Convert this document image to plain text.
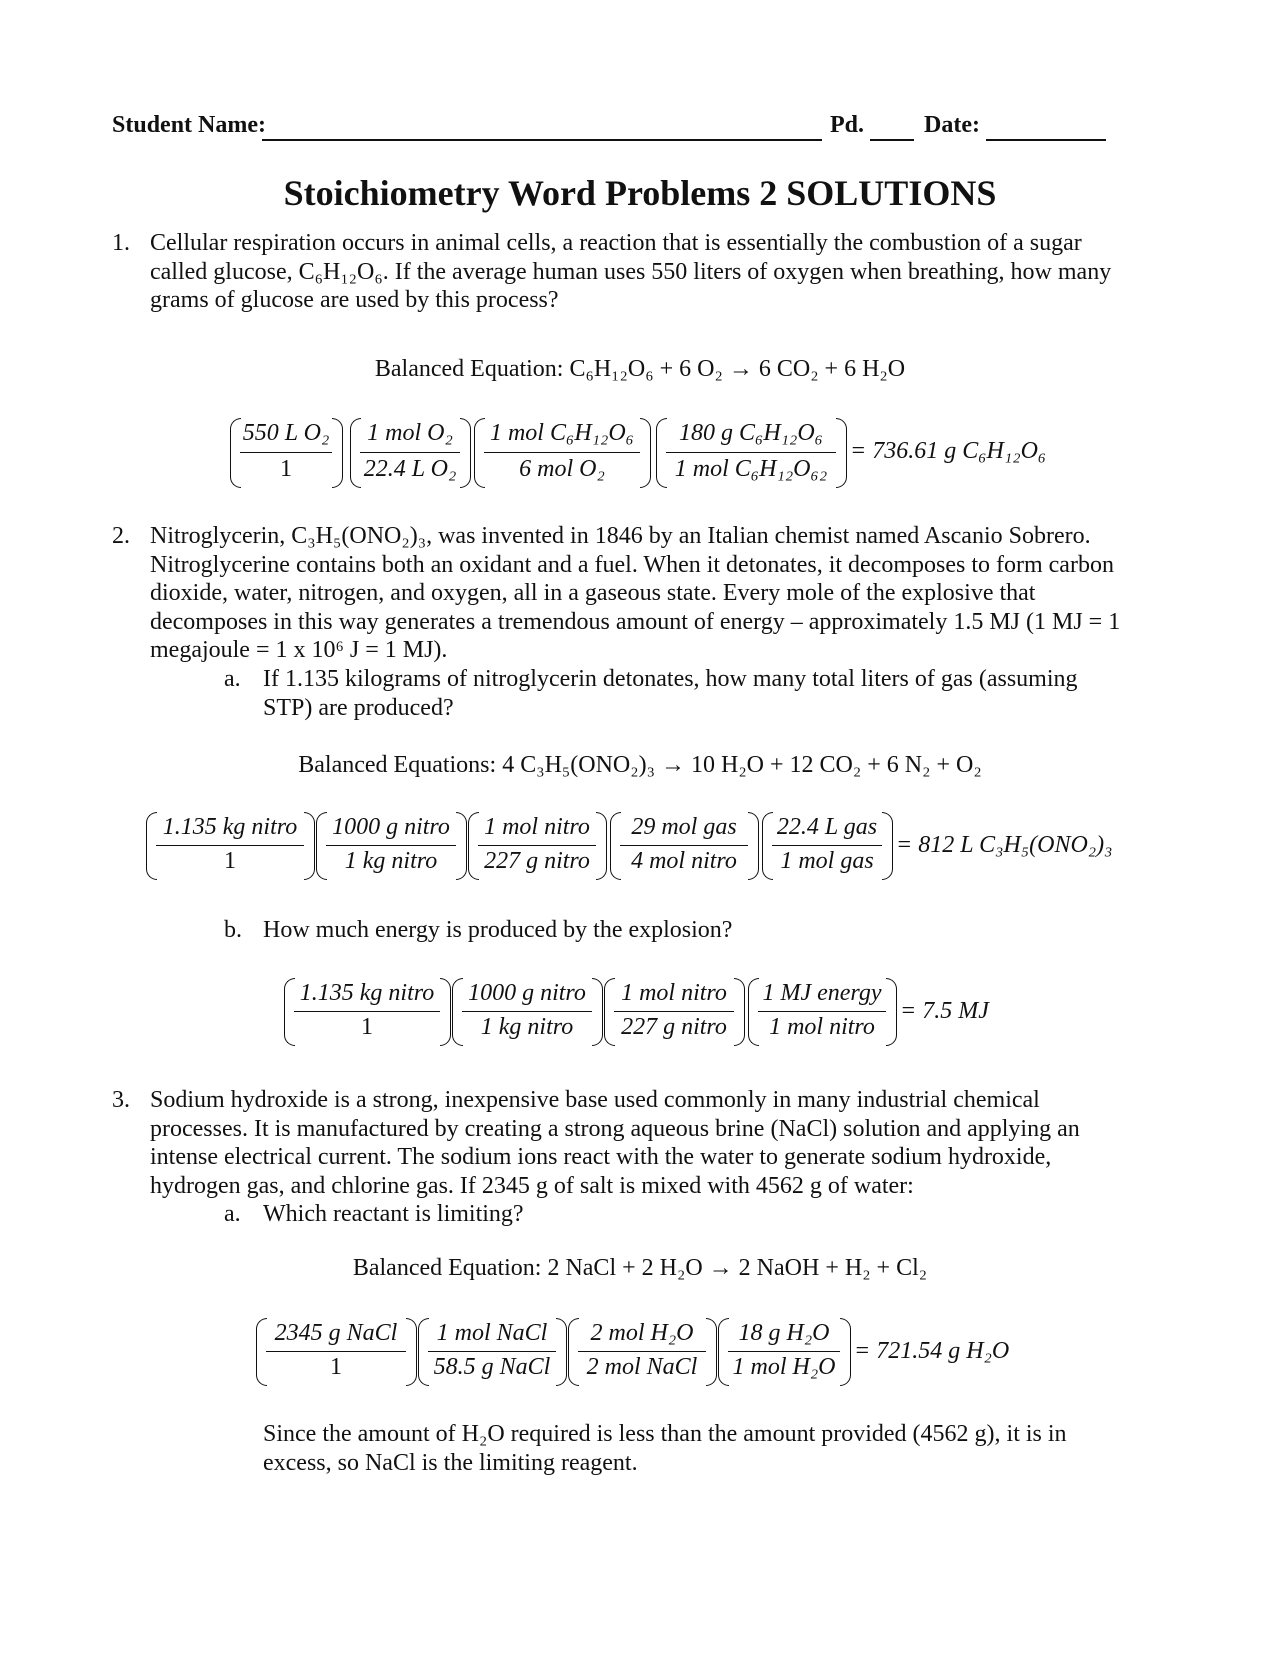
Student Name:	Pd. Date:
Stoichiometry Word Problems 2 SOLUTIONS
1. Cellular respiration occurs in animal cells, a reaction that is essentially the combustion of a sugar
called glucose, C₆H₁₂O₆. If the average human uses 550 liters of oxygen when breathing, how many
grams of glucose are used by this process?
Balanced Equation: C₆H₁₂O₆ + 6 O₂ → 6 CO₂ + 6 H₂O
550 L O₂
1
1 mol O₂
22.4 L O₂
1 mol C₆H₁₂O₆
6 mol O₂
180 g C₆H₁₂O₆
1 mol C₆H₁₂O₆₂
= 736.61 g C₆H₁₂O₆
2. Nitroglycerin, C₃H₅(ONO₂)₃, was invented in 1846 by an Italian chemist named Ascanio Sobrero.
Nitroglycerine contains both an oxidant and a fuel. When it detonates, it decomposes to form carbon
dioxide, water, nitrogen, and oxygen, all in a gaseous state. Every mole of the explosive that
decomposes in this way generates a tremendous amount of energy – approximately 1.5 MJ (1 MJ = 1
megajoule = 1 x 10⁶ J = 1 MJ).
a. If 1.135 kilograms of nitroglycerin detonates, how many total liters of gas (assuming
STP) are produced?
Balanced Equations: 4 C₃H₅(ONO₂)₃ → 10 H₂O + 12 CO₂ + 6 N₂ + O₂
1.135 kg nitro
1
1000 g nitro
1 kg nitro
1 mol nitro
227 g nitro
29 mol gas
4 mol nitro
22.4 L gas
1 mol gas
= 812 L C₃H₅(ONO₂)₃
b. How much energy is produced by the explosion?
1.135 kg nitro
1
1000 g nitro
1 kg nitro
1 mol nitro
227 g nitro
1 MJ energy
1 mol nitro
= 7.5 MJ
3. Sodium hydroxide is a strong, inexpensive base used commonly in many industrial chemical
processes. It is manufactured by creating a strong aqueous brine (NaCl) solution and applying an
intense electrical current. The sodium ions react with the water to generate sodium hydroxide,
hydrogen gas, and chlorine gas. If 2345 g of salt is mixed with 4562 g of water:
a. Which reactant is limiting?
Balanced Equation: 2 NaCl + 2 H₂O → 2 NaOH + H₂ + Cl₂
2345 g NaCl
1
1 mol NaCl
58.5 g NaCl
2 mol H₂O
2 mol NaCl
18 g H₂O
1 mol H₂O
= 721.54 g H₂O
Since the amount of H₂O required is less than the amount provided (4562 g), it is in
excess, so NaCl is the limiting reagent.
